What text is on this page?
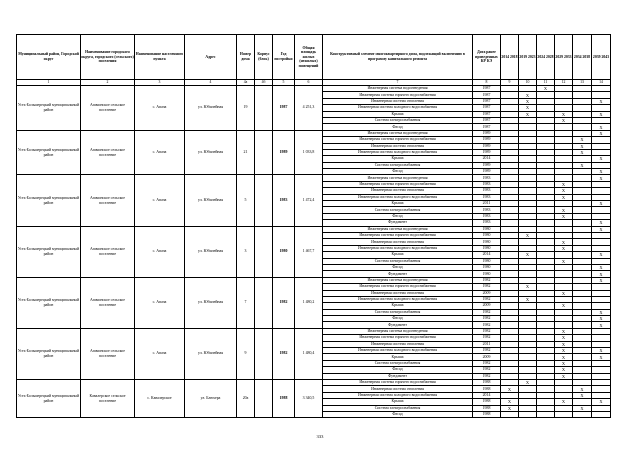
Муниципальный район, Городской округ	Наименование городского округа, городского (сельского) поселения	Наименование населенного пункта	Адрес	Номер дома	Корпус (блок)	Год постройки	Общая площадь жилых (нежилых) помещений	Конструктивный элемент многоквартирного дома, подлежащий включению в программу капитального ремонта	Дата ранее проведенных КР КЭ	2014 2018	2019 2023	2024 2028	2029 2033	2034 2038	2039 2043
1	2	3	4	4а	4б	5	6	7	8	9	10	11	12	13	14
Усть-Большерецкий муниципальный район	Апачинское сельское поселение	с. Апача	ул. Юбилейная	19		1987	4 251,3	Инженерная система водоотведения	1987			X			
								Инженерная система горячего водоснабжения	1987		X				
								Инженерная система отопления	1987		X				X
								Инженерная система холодного водоснабжения	1987		X				
								Крыша	1987		X		X		X
								Система электроснабжения	1987				X		
								Фасад	1987						X
Усть-Большерецкий муниципальный район	Апачинское сельское поселение	с. Апача	ул. Юбилейная	21		1989	1 033,8	Инженерная система водоотведения	1989						X
								Инженерная система горячего водоснабжения	1989					X	
								Инженерная система отопления	1989					X	
								Инженерная система холодного водоснабжения	1989					X	
								Крыша	2014						X
								Система электроснабжения	1989					X	
								Фасад	1989						X
Усть-Большерецкий муниципальный район	Апачинское сельское поселение	с. Апача	ул. Юбилейная	5		1983	1 472,4	Инженерная система водоотведения	1983						X
								Инженерная система горячего водоснабжения	1983				X		
								Инженерная система отопления	1983				X		
								Инженерная система холодного водоснабжения	1983				X		
								Крыша	2011						X
								Система электроснабжения	1983				X		
								Фасад	1983				X		
								Фундамент	1983						X
Усть-Большерецкий муниципальный район	Апачинское сельское поселение	с. Апача	ул. Юбилейная	3		1980	1 467,7	Инженерная система водоотведения	1980						X
								Инженерная система горячего водоснабжения	1980		X				
								Инженерная система отопления	1980				X		
								Инженерная система холодного водоснабжения	1980				X		
								Крыша	2014		X				X
								Система электроснабжения	1980				X		
								Фасад	1980						X
								Фундамент	1980						X
Усть-Большерецкий муниципальный район	Апачинское сельское поселение	с. Апача	ул. Юбилейная	7		1982	1 480,2	Инженерная система водоотведения	1982						X
								Инженерная система горячего водоснабжения	1982		X				
								Инженерная система отопления	2009				X		
								Инженерная система холодного водоснабжения	1982		X				
								Крыша	2009				X		
								Система электроснабжения	1982						X
								Фасад	1982						X
								Фундамент	1982						X
Усть-Большерецкий муниципальный район	Апачинское сельское поселение	с. Апача	ул. Юбилейная	9		1982	1 480,4	Инженерная система водоотведения	1982				X		
								Инженерная система горячего водоснабжения	1982				X		
								Инженерная система отопления	2011				X		
								Инженерная система холодного водоснабжения	1982				X		X
								Крыша	2009				X		X
								Система электроснабжения	1982				X		
								Фасад	1982				X		
								Фундамент	1982				X		
Усть-Большерецкий муниципальный район	Кавалерское сельское поселение	с. Кавалерское	ул. Блюхера	20а		1988	3 340,5	Инженерная система горячего водоснабжения	1988		X				
								Инженерная система отопления	1988	X				X	
								Инженерная система холодного водоснабжения	2014					X	
								Крыша	1988	X			X		X
								Система электроснабжения	1988	X				X	
								Фасад	1988						
333
